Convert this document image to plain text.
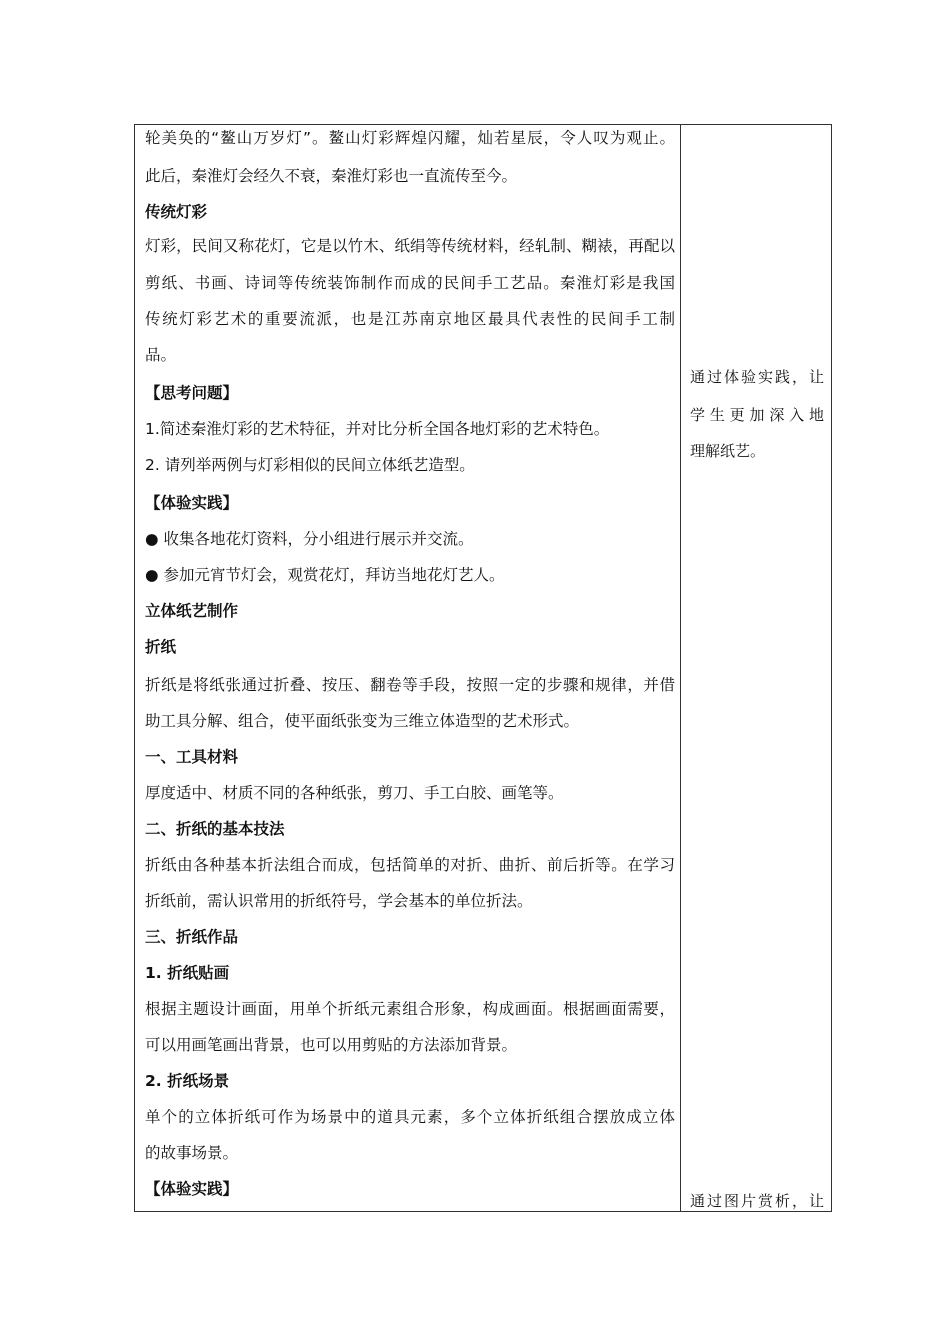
轮美奂的“鳌山万岁灯”。鳌山灯彩辉煌闪耀，灿若星辰，令人叹为观止。
此后，秦淮灯会经久不衰，秦淮灯彩也一直流传至今。
传统灯彩
灯彩，民间又称花灯，它是以竹木、纸绢等传统材料，经轧制、糊裱，再配以
剪纸、书画、诗词等传统装饰制作而成的民间手工艺品。秦淮灯彩是我国
传统灯彩艺术的重要流派，也是江苏南京地区最具代表性的民间手工制
品。
【思考问题】
1.简述秦淮灯彩的艺术特征，并对比分析全国各地灯彩的艺术特色。
2. 请列举两例与灯彩相似的民间立体纸艺造型。
【体验实践】
● 收集各地花灯资料，分小组进行展示并交流。
● 参加元宵节灯会，观赏花灯，拜访当地花灯艺人。
立体纸艺制作
折纸
折纸是将纸张通过折叠、按压、翻卷等手段，按照一定的步骤和规律，并借
助工具分解、组合，使平面纸张变为三维立体造型的艺术形式。
一、工具材料
厚度适中、材质不同的各种纸张，剪刀、手工白胶、画笔等。
二、折纸的基本技法
折纸由各种基本折法组合而成，包括简单的对折、曲折、前后折等。在学习
折纸前，需认识常用的折纸符号，学会基本的单位折法。
三、折纸作品
1. 折纸贴画
根据主题设计画面，用单个折纸元素组合形象，构成画面。根据画面需要，
可以用画笔画出背景，也可以用剪贴的方法添加背景。
2. 折纸场景
单个的立体折纸可作为场景中的道具元素，多个立体折纸组合摆放成立体
的故事场景。
【体验实践】
通过体验实践，让
学生更加深入地
理解纸艺。
通过图片赏析，让
